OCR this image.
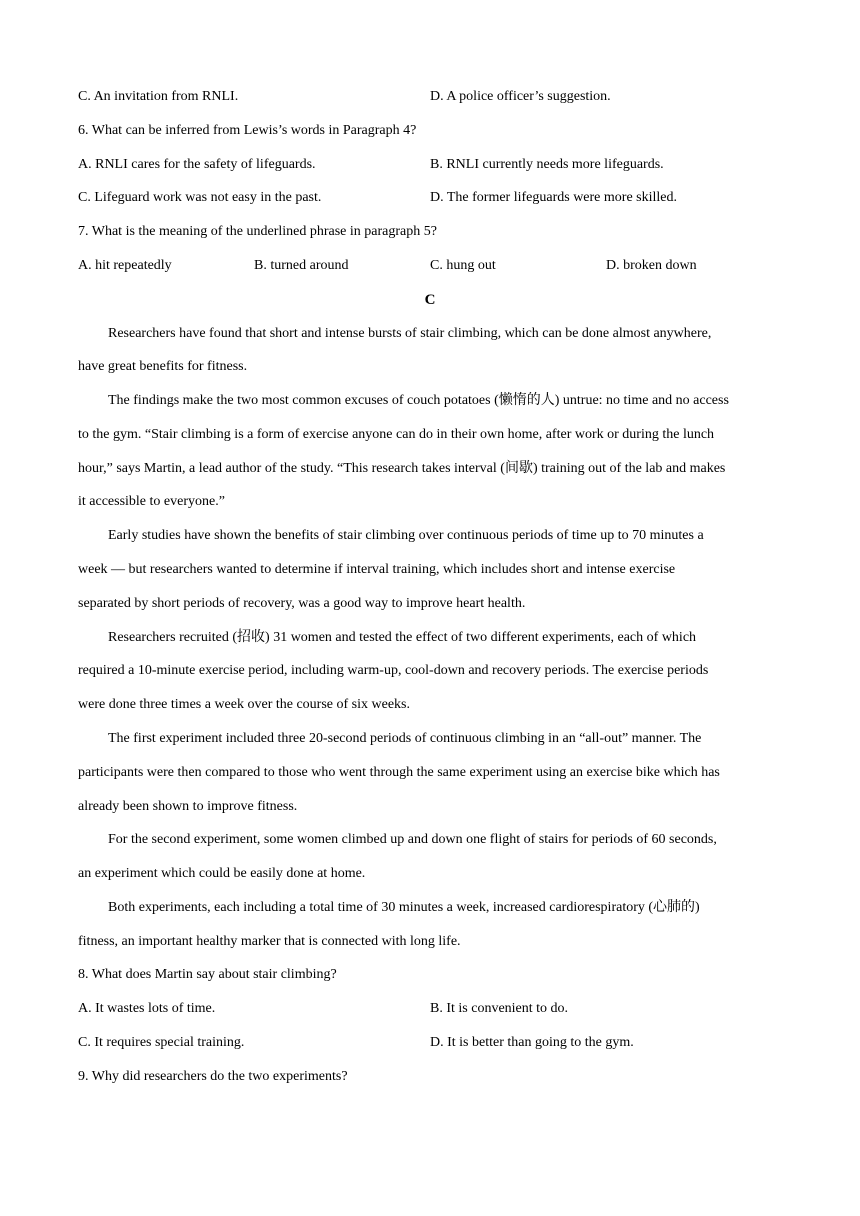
C. An invitation from RNLI.	D. A police officer’s suggestion.
6. What can be inferred from Lewis’s words in Paragraph 4?
A. RNLI cares for the safety of lifeguards.	B. RNLI currently needs more lifeguards.
C. Lifeguard work was not easy in the past.	D. The former lifeguards were more skilled.
7. What is the meaning of the underlined phrase in paragraph 5?
A. hit repeatedly	B. turned around	C. hung out	D. broken down
C
Researchers have found that short and intense bursts of stair climbing, which can be done almost anywhere,
have great benefits for fitness.
The findings make the two most common excuses of couch potatoes (懒惰的人) untrue: no time and no access
to the gym. “Stair climbing is a form of exercise anyone can do in their own home, after work or during the lunch
hour,” says Martin, a lead author of the study. “This research takes interval (间歇) training out of the lab and makes
it accessible to everyone.”
Early studies have shown the benefits of stair climbing over continuous periods of time up to 70 minutes a
week — but researchers wanted to determine if interval training, which includes short and intense exercise
separated by short periods of recovery, was a good way to improve heart health.
Researchers recruited (招收) 31 women and tested the effect of two different experiments, each of which
required a 10-minute exercise period, including warm-up, cool-down and recovery periods. The exercise periods
were done three times a week over the course of six weeks.
The first experiment included three 20-second periods of continuous climbing in an “all-out” manner. The
participants were then compared to those who went through the same experiment using an exercise bike which has
already been shown to improve fitness.
For the second experiment, some women climbed up and down one flight of stairs for periods of 60 seconds,
an experiment which could be easily done at home.
Both experiments, each including a total time of 30 minutes a week, increased cardiorespiratory (心肺的)
fitness, an important healthy marker that is connected with long life.
8. What does Martin say about stair climbing?
A. It wastes lots of time.	B. It is convenient to do.
C. It requires special training.	D. It is better than going to the gym.
9. Why did researchers do the two experiments?
